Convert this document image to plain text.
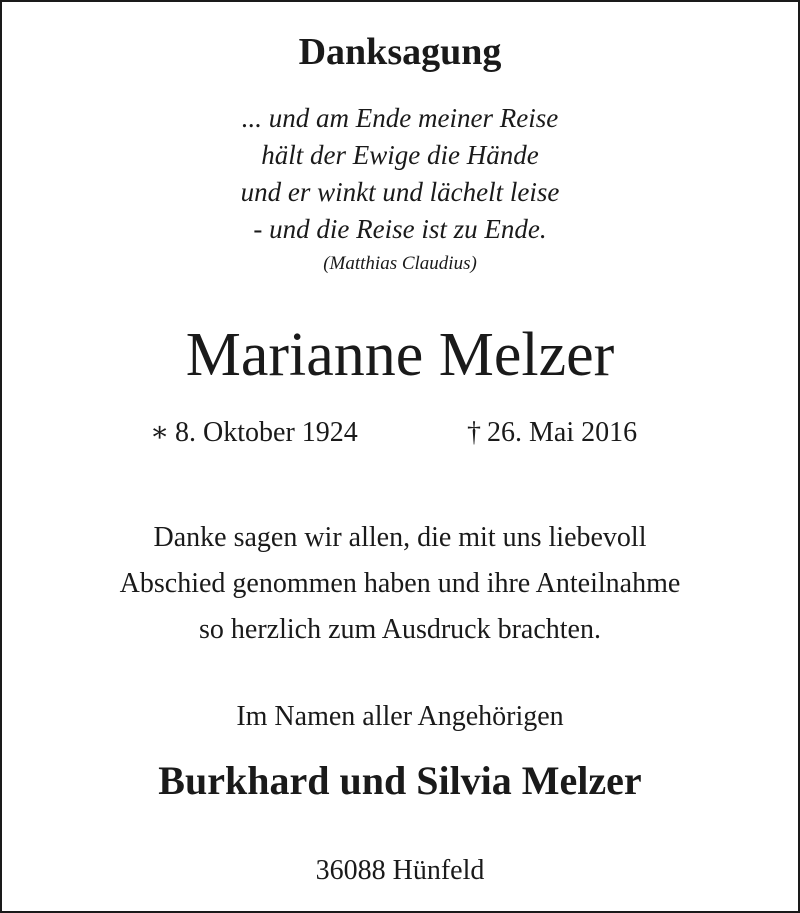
Danksagung
... und am Ende meiner Reise
hält der Ewige die Hände
und er winkt und lächelt leise
- und die Reise ist zu Ende.
(Matthias Claudius)
Marianne Melzer
∗ 8. Oktober 1924	† 26. Mai 2016
Danke sagen wir allen, die mit uns liebevoll
Abschied genommen haben und ihre Anteilnahme
so herzlich zum Ausdruck brachten.
Im Namen aller Angehörigen
Burkhard und Silvia Melzer
36088 Hünfeld
